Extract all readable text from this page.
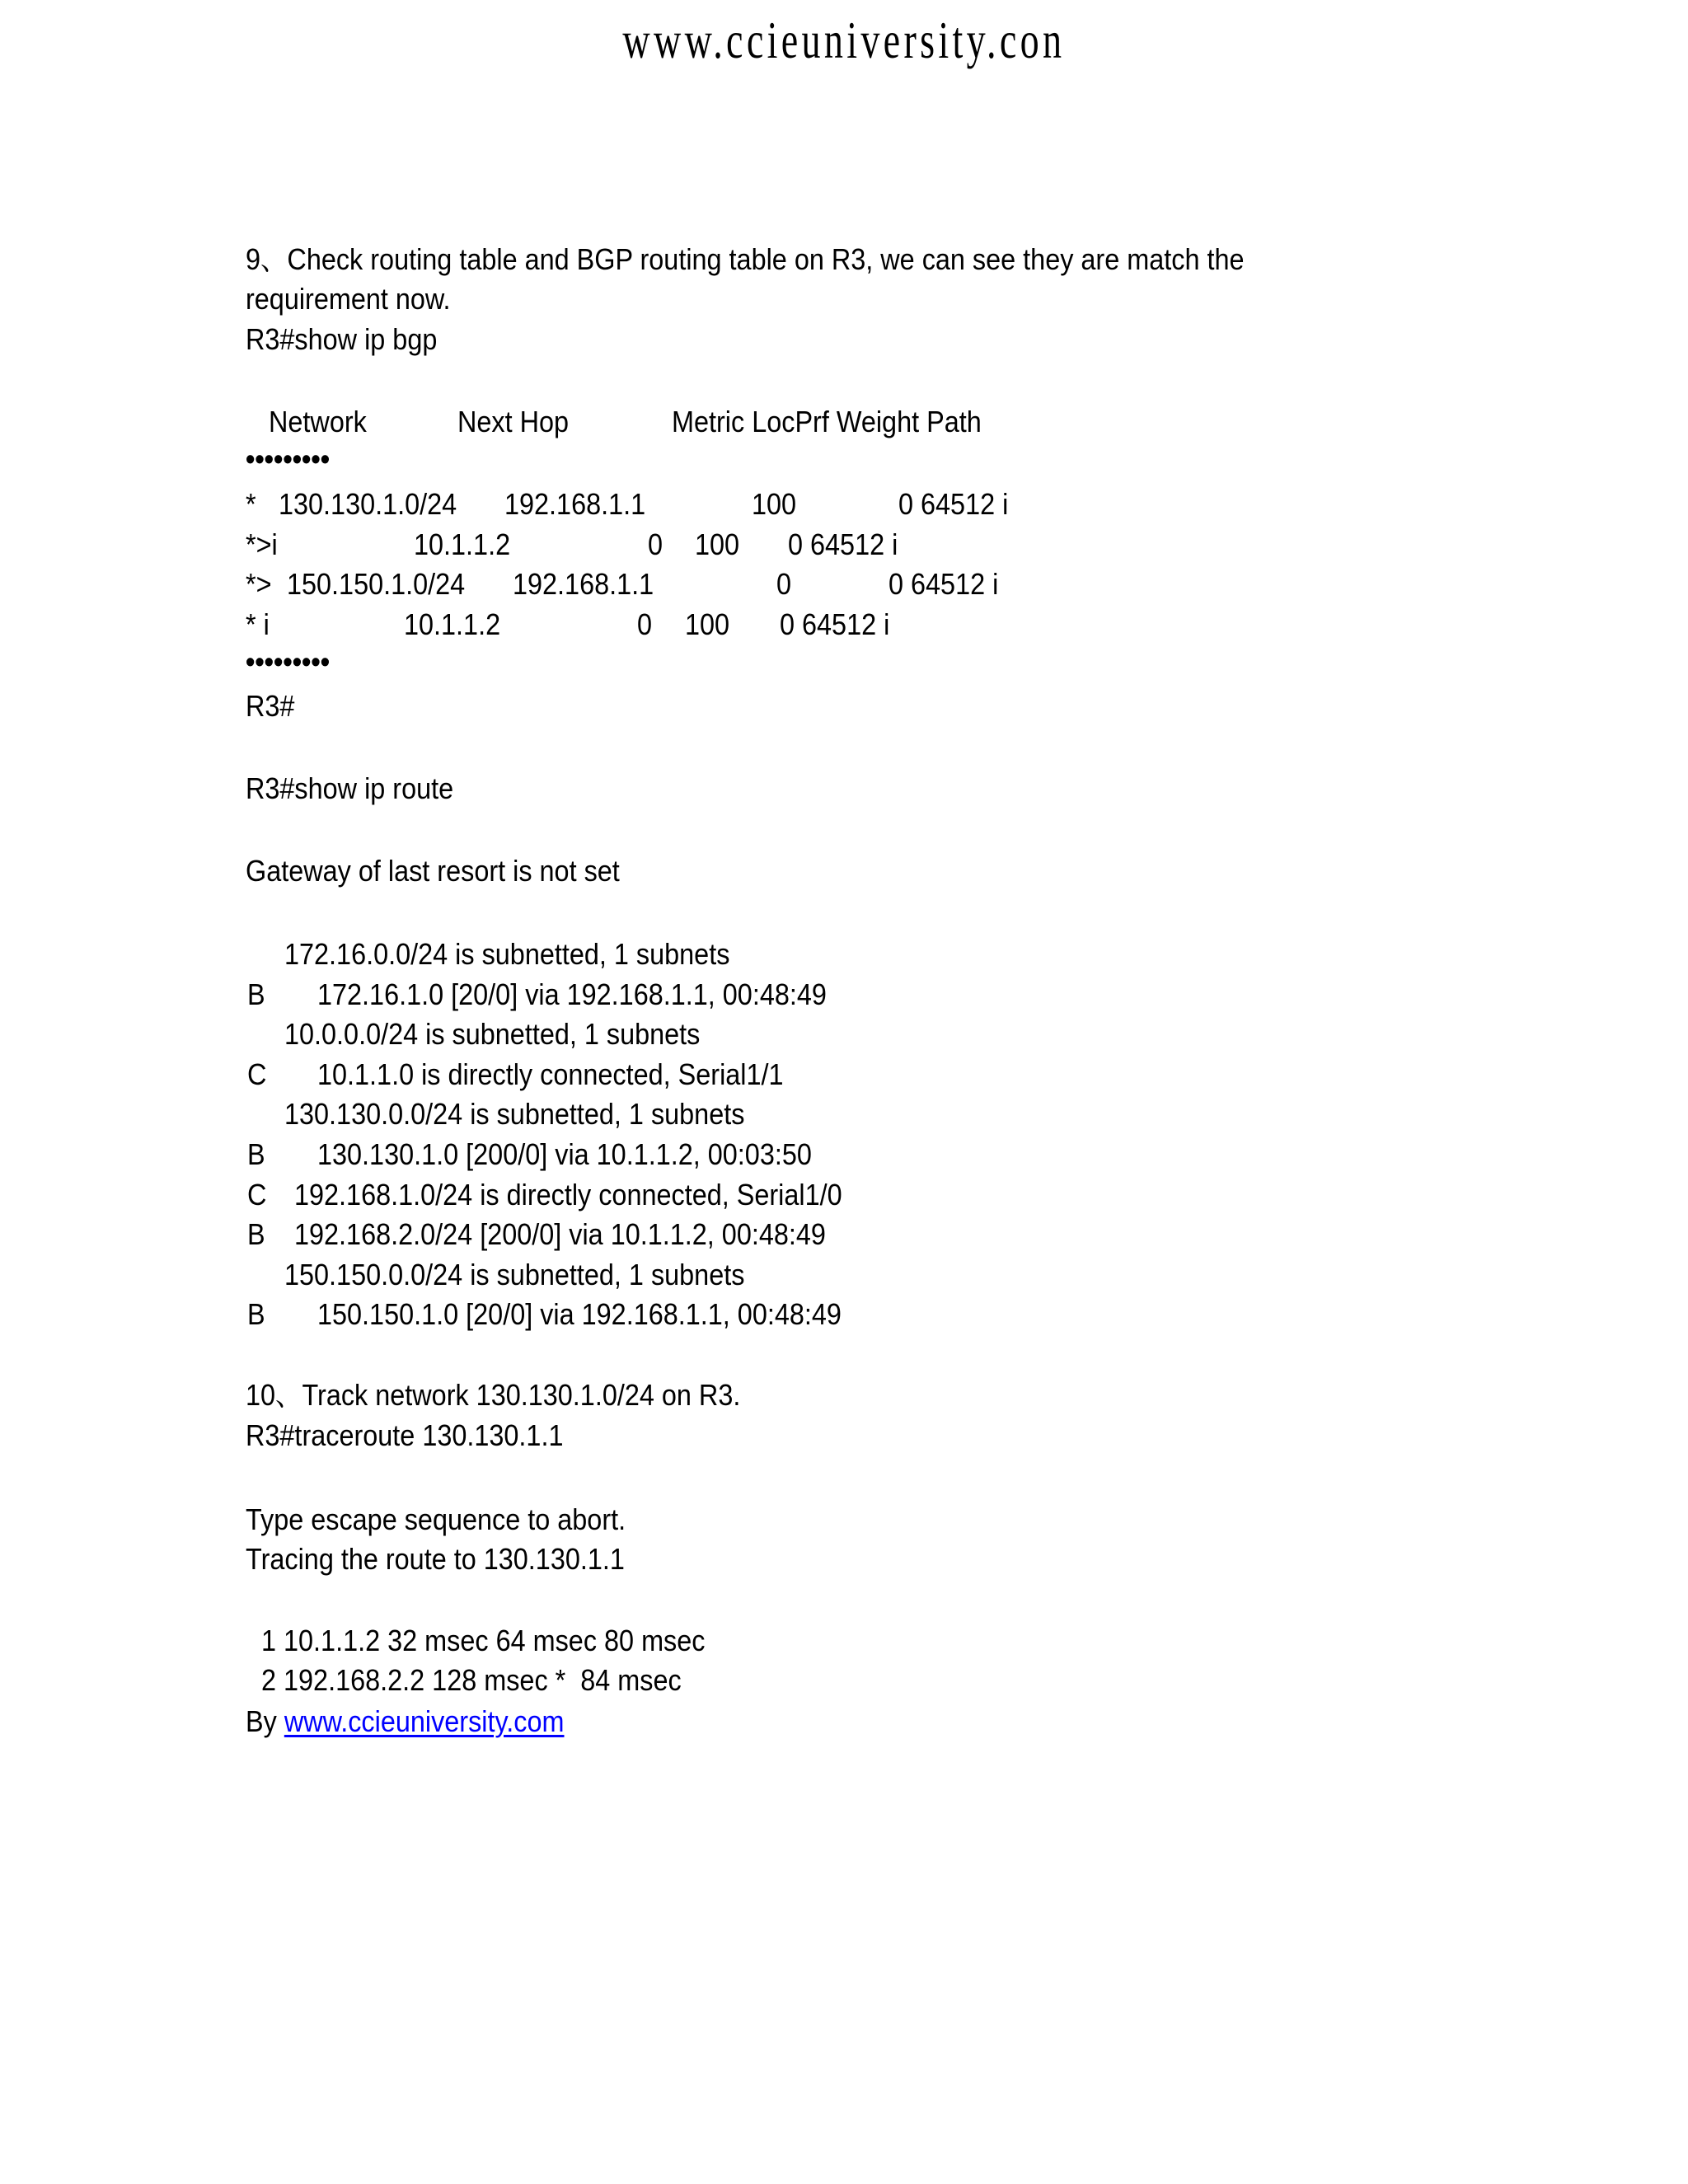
www.ccieuniversity.con
9、Check routing table and BGP routing table on R3, we can see they are match the
requirement now.
R3#show ip bgp
Network	Next Hop	Metric LocPrf Weight Path
•••••••••
* 130.130.1.0/24 192.168.1.1	100	0 64512 i
*>i	10.1.1.2	0 100 0 64512 i
*> 150.150.1.0/24 192.168.1.1	0	0 64512 i
* i	10.1.1.2	0 100 0 64512 i
•••••••••
R3#
R3#show ip route
Gateway of last resort is not set
172.16.0.0/24 is subnetted, 1 subnets
B 172.16.1.0 [20/0] via 192.168.1.1, 00:48:49
10.0.0.0/24 is subnetted, 1 subnets
C 10.1.1.0 is directly connected, Serial1/1
130.130.0.0/24 is subnetted, 1 subnets
B 130.130.1.0 [200/0] via 10.1.1.2, 00:03:50
C 192.168.1.0/24 is directly connected, Serial1/0
B 192.168.2.0/24 [200/0] via 10.1.1.2, 00:48:49
150.150.0.0/24 is subnetted, 1 subnets
B 150.150.1.0 [20/0] via 192.168.1.1, 00:48:49
10、Track network 130.130.1.0/24 on R3.
R3#traceroute 130.130.1.1
Type escape sequence to abort.
Tracing the route to 130.130.1.1
1 10.1.1.2 32 msec 64 msec 80 msec
2 192.168.2.2 128 msec *  84 msec
By www.ccieuniversity.com
